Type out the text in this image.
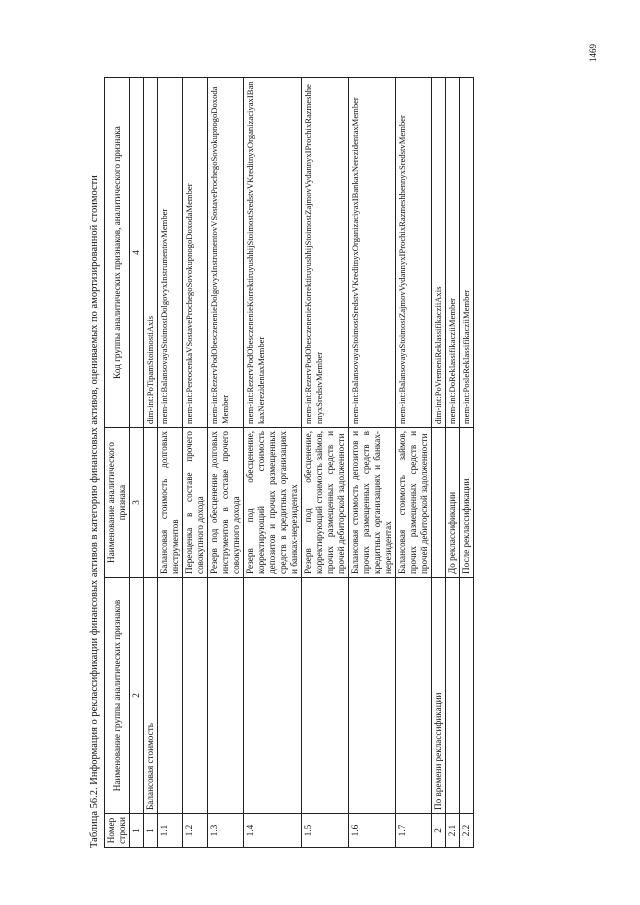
1469

Таблица 56.2. Информация о реклассификации финансовых активов в категорию финансовых активов, оцениваемых по амортизированной стоимости Номер строки	Наименование группы аналитических признаков	Наименование аналитического признака	Код группы аналитических признаков, аналитического признака
1	2	3	4
1	Балансовая стоимость		dim-int:PoTipamStoimostiAxis
1.1		Балансовая стоимость долговых инструментов	mem-int:BalansovayaStoimostDolgovyxInstrumentovMember
1.2		Переоценка в составе прочего совокупного дохода	mem-int:PereocenkaVSostaveProchegoSovokupnogoDoxodaMember
1.3		Резерв под обесценение долговых инструментов в составе прочего совокупного дохода	mem-int:RezervPodObesczenenieDolgovyxInstrumentovVSostaveProchegoSovokupnogoDoxodaMember
1.4		Резерв под обесценение, корректирующий стоимость депозитов и прочих размещенных средств в кредитных организациях и банках-нерезидентах	mem-int:RezervPodObesczenenieKorrektiruyushhijStoimostSredstvVKreditnyxOrganizaciyaxIBankaxNerezidentaxMember
1.5		Резерв под обесценение, корректирующий стоимость займов, прочих размещенных средств и прочей дебиторской задолженности	mem-int:RezervPodObesczenenieKorrektiruyushhijStoimostZajmovVydannyxIProchixRazmeshhennyxSredstvMember
1.6		Балансовая стоимость депозитов и прочих размещенных средств в кредитных организациях и банках-нерезидентах	mem-int:BalansovayaStoimostSredstvVKreditnyxOrganizaciyaxIBankaxNerezidentaxMember
1.7		Балансовая стоимость займов, прочих размещенных средств и прочей дебиторской задолженности	mem-int:BalansovayaStoimostZajmovVydannyxIProchixRazmeshhennyxSredstvMember
2	По времени реклассификации		dim-int:PoVremeniReklassifikacziiAxis
2.1		До реклассификации	mem-int:DoReklassifikacziiMember
2.2		После реклассификации	mem-int:PosleReklassifikacziiMember
